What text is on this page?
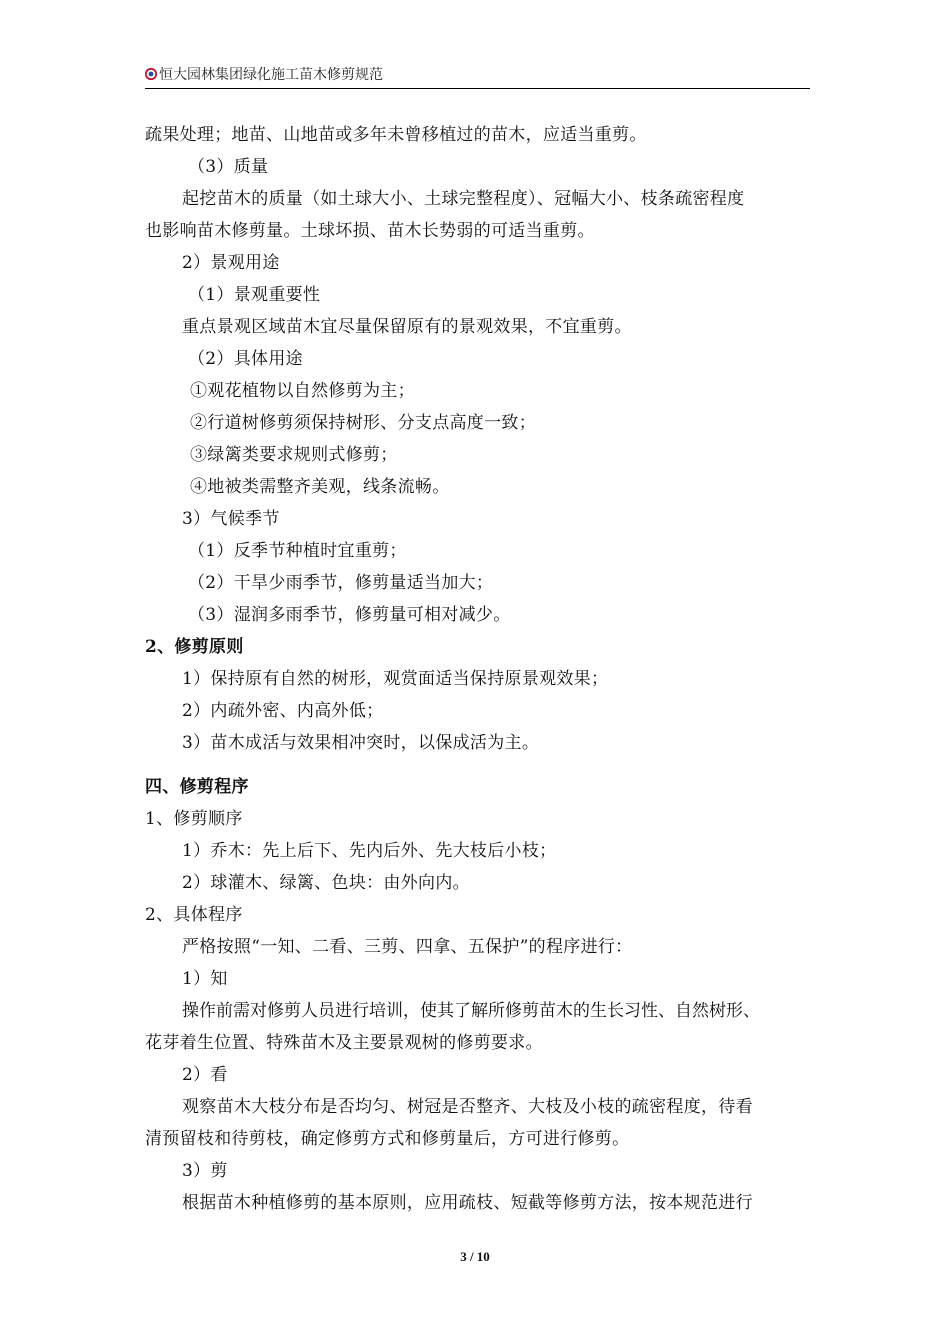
恒大园林集团绿化施工苗木修剪规范
疏果处理；地苗、山地苗或多年未曾移植过的苗木，应适当重剪。
（3）质量
起挖苗木的质量（如土球大小、土球完整程度）、冠幅大小、枝条疏密程度
也影响苗木修剪量。土球坏损、苗木长势弱的可适当重剪。
2）景观用途
（1）景观重要性
重点景观区域苗木宜尽量保留原有的景观效果，不宜重剪。
（2）具体用途
①观花植物以自然修剪为主；
②行道树修剪须保持树形、分支点高度一致；
③绿篱类要求规则式修剪；
④地被类需整齐美观，线条流畅。
3）气候季节
（1）反季节种植时宜重剪；
（2）干旱少雨季节，修剪量适当加大；
（3）湿润多雨季节，修剪量可相对减少。
2、修剪原则
1）保持原有自然的树形，观赏面适当保持原景观效果；
2）内疏外密、内高外低；
3）苗木成活与效果相冲突时，以保成活为主。
四、修剪程序
1、修剪顺序
1）乔木：先上后下、先内后外、先大枝后小枝；
2）球灌木、绿篱、色块：由外向内。
2、具体程序
严格按照“一知、二看、三剪、四拿、五保护”的程序进行：
1）知
操作前需对修剪人员进行培训，使其了解所修剪苗木的生长习性、自然树形、
花芽着生位置、特殊苗木及主要景观树的修剪要求。
2）看
观察苗木大枝分布是否均匀、树冠是否整齐、大枝及小枝的疏密程度，待看
清预留枝和待剪枝，确定修剪方式和修剪量后，方可进行修剪。
3）剪
根据苗木种植修剪的基本原则，应用疏枝、短截等修剪方法，按本规范进行
3 / 10
